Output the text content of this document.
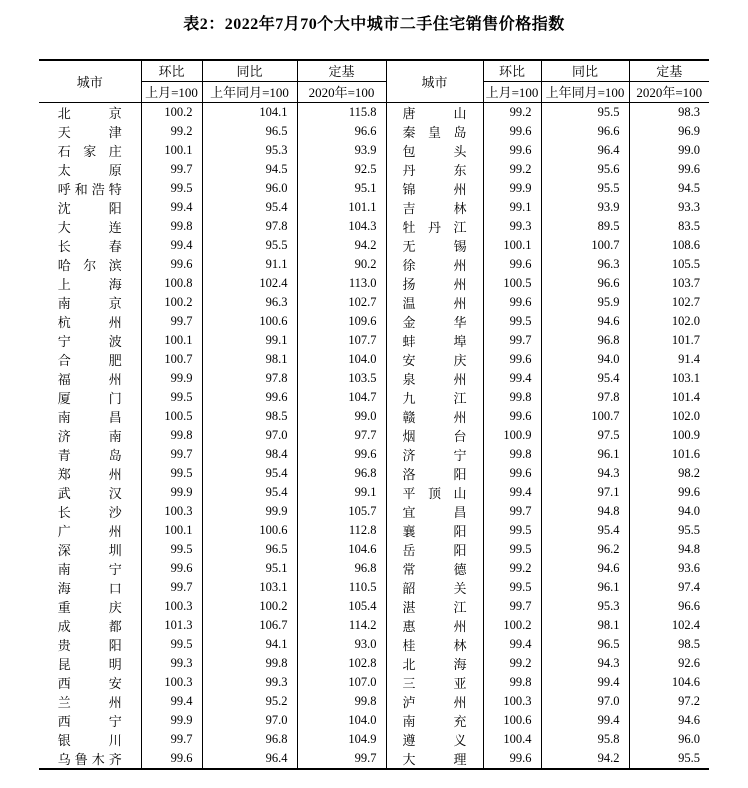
表2：2022年7月70个大中城市二手住宅销售价格指数
城市	环比	同比	定基	城市	环比	同比	定基
	上月=100	上年同月=100	2020年=100		上月=100	上年同月=100	2020年=100
北京	100.2	104.1	115.8	唐山	99.2	95.5	98.3
天津	99.2	96.5	96.6	秦皇岛	99.6	96.6	96.9
石家庄	100.1	95.3	93.9	包头	99.6	96.4	99.0
太原	99.7	94.5	92.5	丹东	99.2	95.6	99.6
呼和浩特	99.5	96.0	95.1	锦州	99.9	95.5	94.5
沈阳	99.4	95.4	101.1	吉林	99.1	93.9	93.3
大连	99.8	97.8	104.3	牡丹江	99.3	89.5	83.5
长春	99.4	95.5	94.2	无锡	100.1	100.7	108.6
哈尔滨	99.6	91.1	90.2	徐州	99.6	96.3	105.5
上海	100.8	102.4	113.0	扬州	100.5	96.6	103.7
南京	100.2	96.3	102.7	温州	99.6	95.9	102.7
杭州	99.7	100.6	109.6	金华	99.5	94.6	102.0
宁波	100.1	99.1	107.7	蚌埠	99.7	96.8	101.7
合肥	100.7	98.1	104.0	安庆	99.6	94.0	91.4
福州	99.9	97.8	103.5	泉州	99.4	95.4	103.1
厦门	99.5	99.6	104.7	九江	99.8	97.8	101.4
南昌	100.5	98.5	99.0	赣州	99.6	100.7	102.0
济南	99.8	97.0	97.7	烟台	100.9	97.5	100.9
青岛	99.7	98.4	99.6	济宁	99.8	96.1	101.6
郑州	99.5	95.4	96.8	洛阳	99.6	94.3	98.2
武汉	99.9	95.4	99.1	平顶山	99.4	97.1	99.6
长沙	100.3	99.9	105.7	宜昌	99.7	94.8	94.0
广州	100.1	100.6	112.8	襄阳	99.5	95.4	95.5
深圳	99.5	96.5	104.6	岳阳	99.5	96.2	94.8
南宁	99.6	95.1	96.8	常德	99.2	94.6	93.6
海口	99.7	103.1	110.5	韶关	99.5	96.1	97.4
重庆	100.3	100.2	105.4	湛江	99.7	95.3	96.6
成都	101.3	106.7	114.2	惠州	100.2	98.1	102.4
贵阳	99.5	94.1	93.0	桂林	99.4	96.5	98.5
昆明	99.3	99.8	102.8	北海	99.2	94.3	92.6
西安	100.3	99.3	107.0	三亚	99.8	99.4	104.6
兰州	99.4	95.2	99.8	泸州	100.3	97.0	97.2
西宁	99.9	97.0	104.0	南充	100.6	99.4	94.6
银川	99.7	96.8	104.9	遵义	100.4	95.8	96.0
乌鲁木齐	99.6	96.4	99.7	大理	99.6	94.2	95.5
